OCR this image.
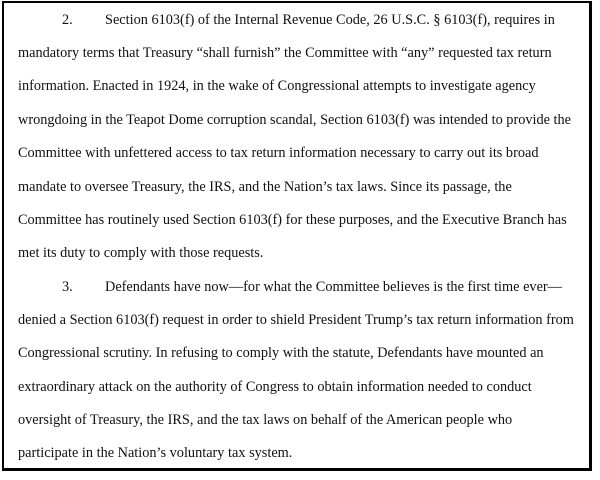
2. Section 6103(f) of the Internal Revenue Code, 26 U.S.C. § 6103(f), requires in
mandatory terms that Treasury “shall furnish” the Committee with “any” requested tax return
information. Enacted in 1924, in the wake of Congressional attempts to investigate agency
wrongdoing in the Teapot Dome corruption scandal, Section 6103(f) was intended to provide the
Committee with unfettered access to tax return information necessary to carry out its broad
mandate to oversee Treasury, the IRS, and the Nation’s tax laws. Since its passage, the
Committee has routinely used Section 6103(f) for these purposes, and the Executive Branch has
met its duty to comply with those requests.
3. Defendants have now—for what the Committee believes is the first time ever—
denied a Section 6103(f) request in order to shield President Trump’s tax return information from
Congressional scrutiny. In refusing to comply with the statute, Defendants have mounted an
extraordinary attack on the authority of Congress to obtain information needed to conduct
oversight of Treasury, the IRS, and the tax laws on behalf of the American people who
participate in the Nation’s voluntary tax system.
